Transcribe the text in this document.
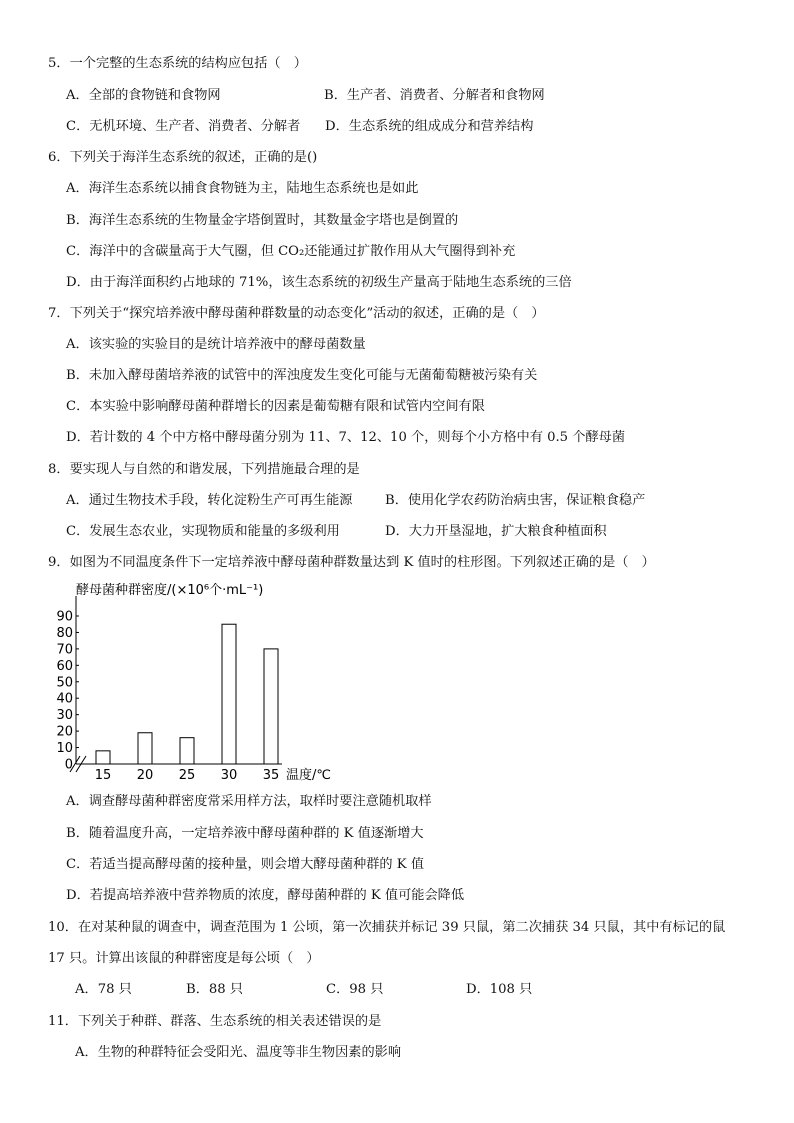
5．一个完整的生态系统的结构应包括（　）
A．全部的食物链和食物网	B．生产者、消费者、分解者和食物网
C．无机环境、生产者、消费者、分解者 D．生态系统的组成成分和营养结构
6．下列关于海洋生态系统的叙述，正确的是()
A．海洋生态系统以捕食食物链为主，陆地生态系统也是如此
B．海洋生态系统的生物量金字塔倒置时，其数量金字塔也是倒置的
C．海洋中的含碳量高于大气圈，但 CO₂还能通过扩散作用从大气圈得到补充
D．由于海洋面积约占地球的 71%，该生态系统的初级生产量高于陆地生态系统的三倍
7．下列关于“探究培养液中酵母菌种群数量的动态变化”活动的叙述，正确的是（　）
A．该实验的实验目的是统计培养液中的酵母菌数量
B．未加入酵母菌培养液的试管中的浑浊度发生变化可能与无菌葡萄糖被污染有关
C．本实验中影响酵母菌种群增长的因素是葡萄糖有限和试管内空间有限
D．若计数的 4 个中方格中酵母菌分别为 11、7、12、10 个，则每个小方格中有 0.5 个酵母菌
8．要实现人与自然的和谐发展，下列措施最合理的是
A．通过生物技术手段，转化淀粉生产可再生能源 B．使用化学农药防治病虫害，保证粮食稳产
C．发展生态农业，实现物质和能量的多级利用	D．大力开垦湿地，扩大粮食种植面积
9．如图为不同温度条件下一定培养液中酵母菌种群数量达到 K 值时的柱形图。下列叙述正确的是（　）
酵母菌种群密度/(×10⁶个·mL⁻¹)
0
10
20
30
40
50
60
70
80
90
15 20 25 30 35 温度/℃
A．调查酵母菌种群密度常采用样方法，取样时要注意随机取样
B．随着温度升高，一定培养液中酵母菌种群的 K 值逐渐增大
C．若适当提高酵母菌的接种量，则会增大酵母菌种群的 K 值
D．若提高培养液中营养物质的浓度，酵母菌种群的 K 值可能会降低
10．在对某种鼠的调查中，调查范围为 1 公顷，第一次捕获并标记 39 只鼠，第二次捕获 34 只鼠，其中有标记的鼠
17 只。计算出该鼠的种群密度是每公顷（　）
A．78 只	B．88 只	C．98 只	D．108 只
11．下列关于种群、群落、生态系统的相关表述错误的是
A．生物的种群特征会受阳光、温度等非生物因素的影响
